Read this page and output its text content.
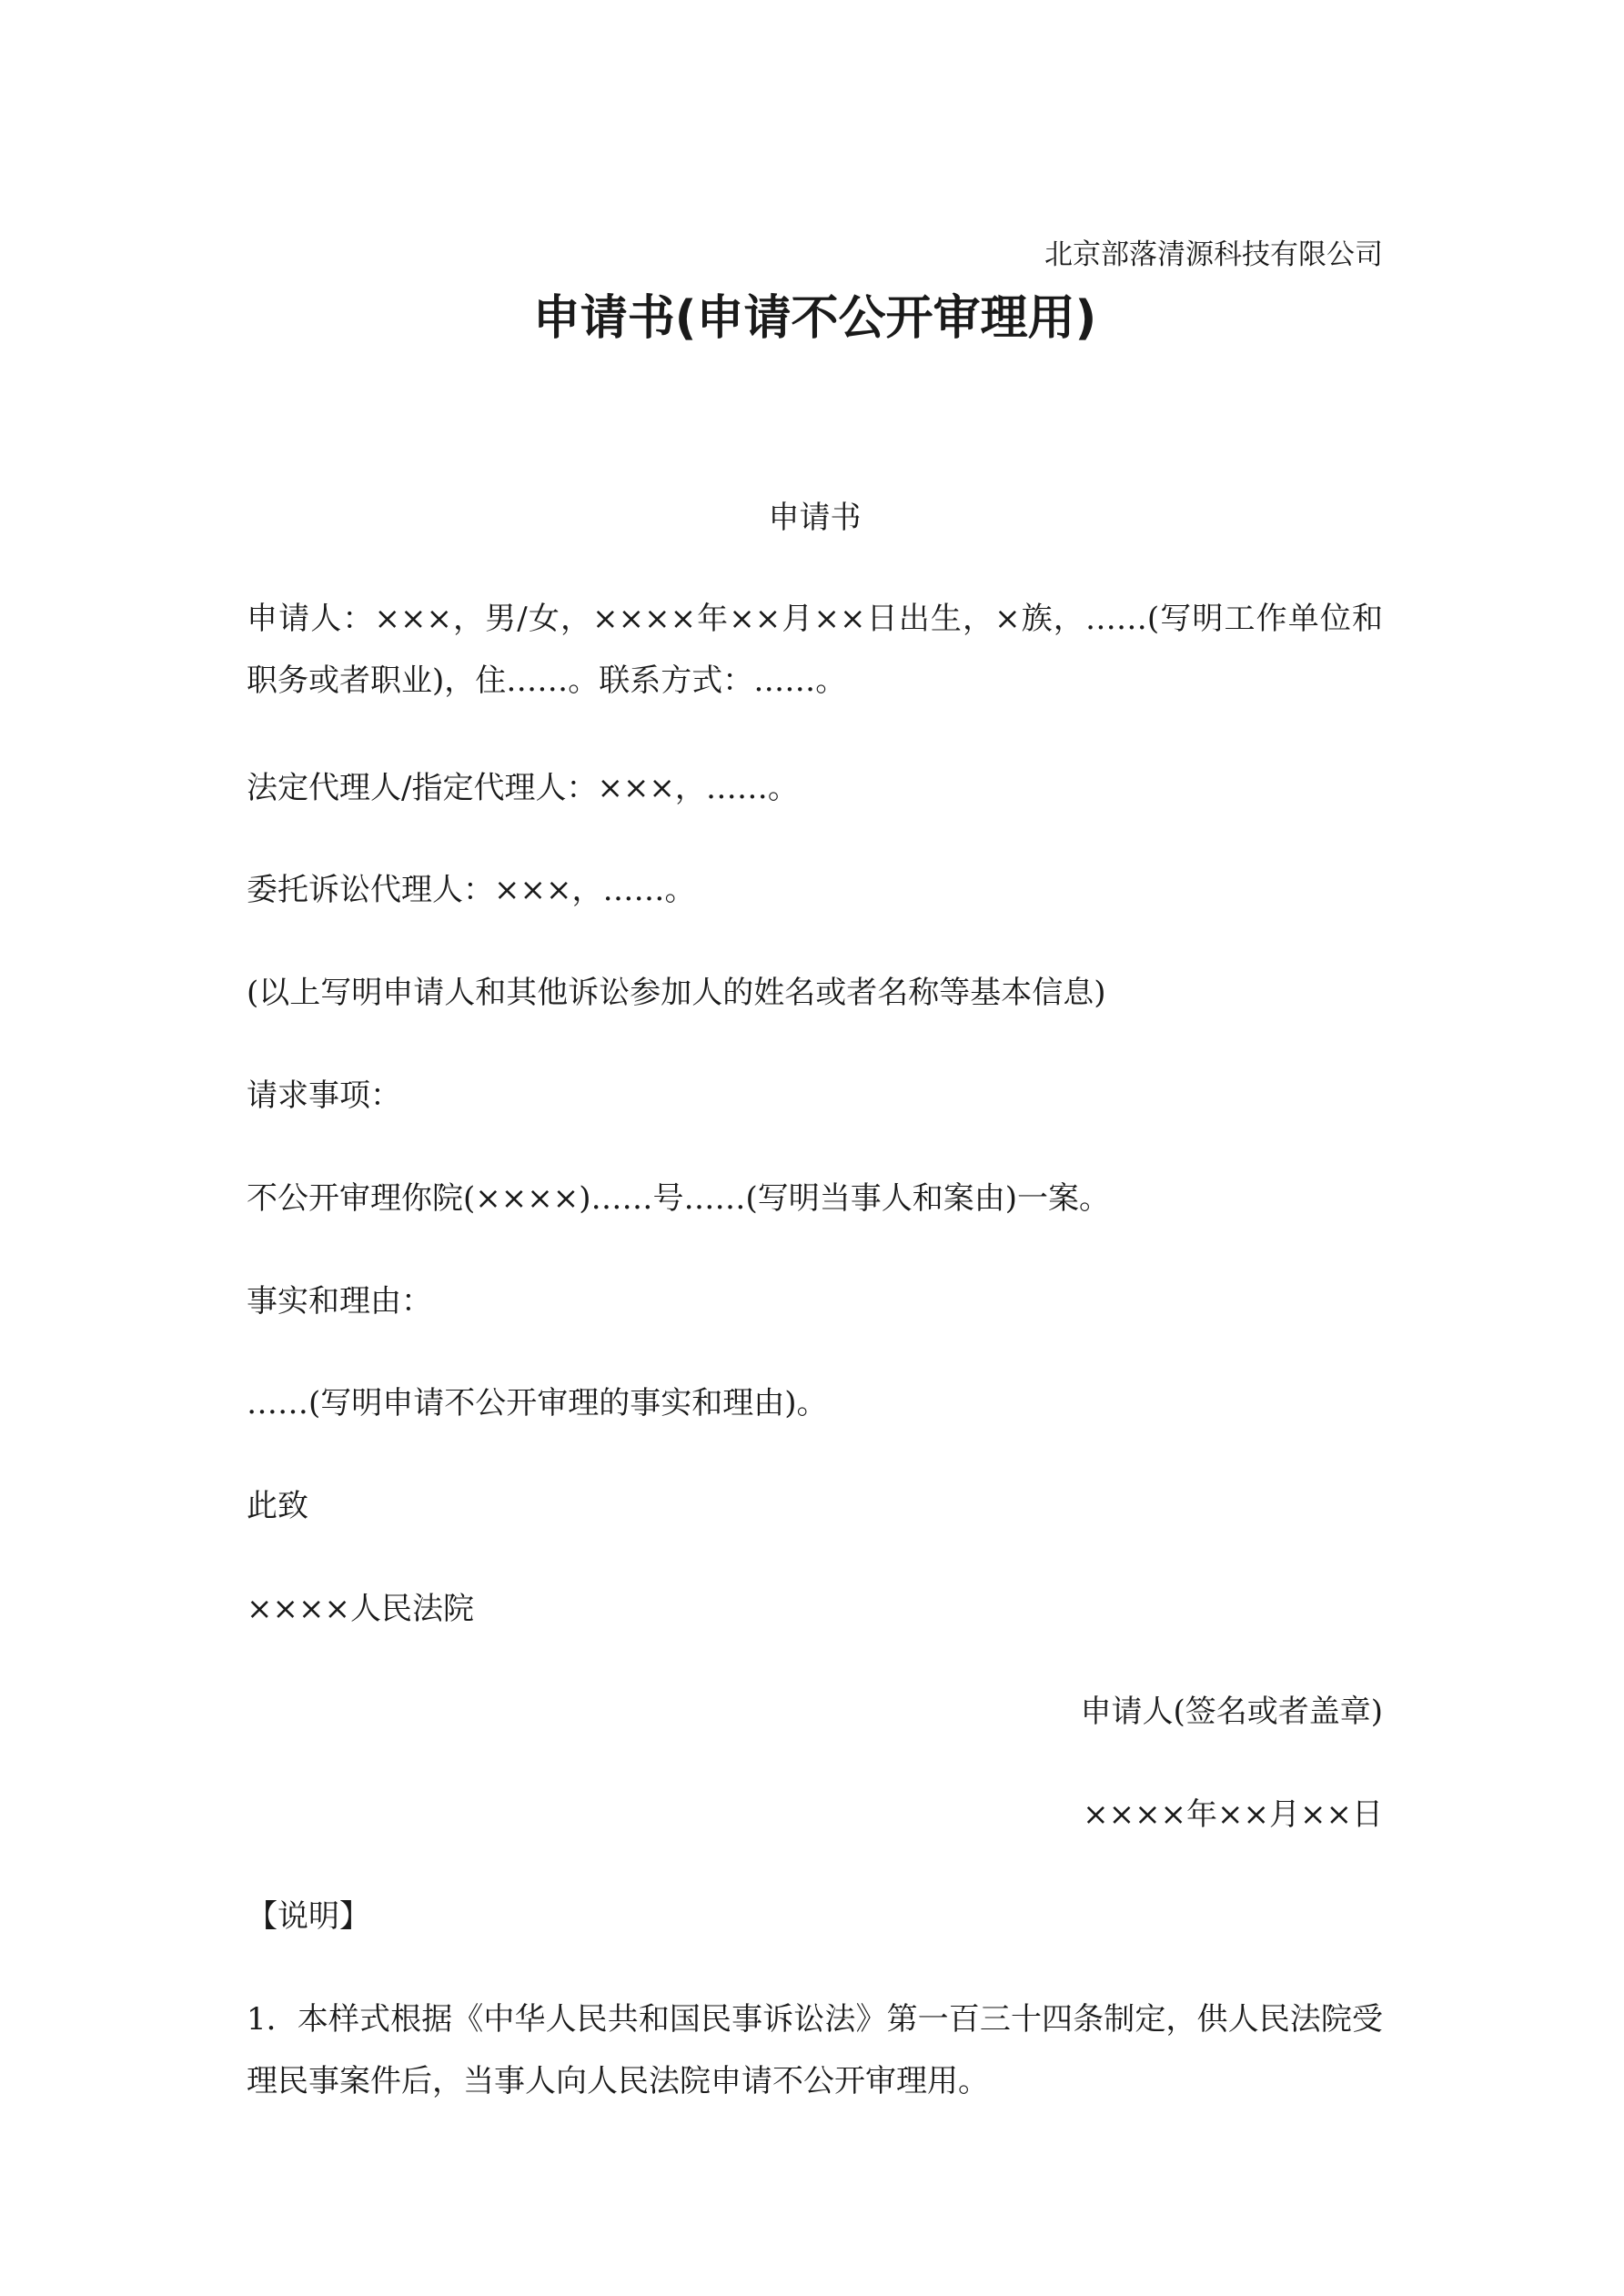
北京部落清源科技有限公司
申请书(申请不公开审理用)
申请书
申请人：×××，男/女，××××年××月××日出生，×族，……(写明工作单位和职务或者职业)，住……。联系方式：……。
法定代理人/指定代理人：×××，……。
委托诉讼代理人：×××，……。
(以上写明申请人和其他诉讼参加人的姓名或者名称等基本信息)
请求事项：
不公开审理你院(××××)……号……(写明当事人和案由)一案。
事实和理由：
……(写明申请不公开审理的事实和理由)。
此致
××××人民法院
申请人(签名或者盖章)
××××年××月××日
【说明】
1．本样式根据《中华人民共和国民事诉讼法》第一百三十四条制定，供人民法院受理民事案件后，当事人向人民法院申请不公开审理用。
